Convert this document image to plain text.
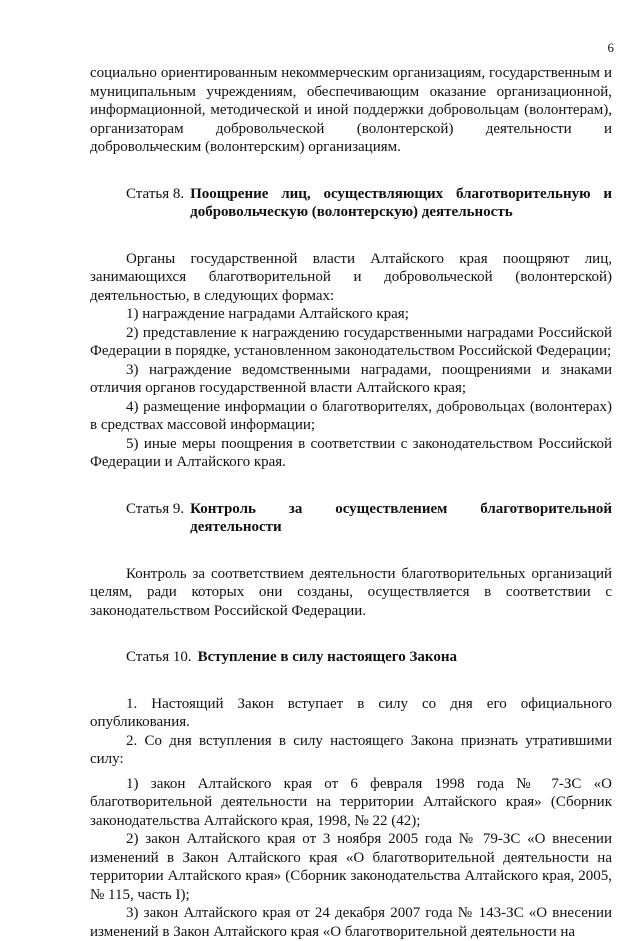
6

социально ориентированным некоммерческим организациям, государственным и муниципальным учреждениям, обеспечивающим оказание организационной, информационной, методической и иной поддержки добровольцам (волонтерам), организаторам добровольческой (волонтерской) деятельности и добровольческим (волонтерским) организациям.

Статья 8. Поощрение лиц, осуществляющих благотворительную и добровольческую (волонтерскую) деятельность

Органы государственной власти Алтайского края поощряют лиц, занимающихся благотворительной и добровольческой (волонтерской) деятельностью, в следующих формах:

1) награждение наградами Алтайского края;

2) представление к награждению государственными наградами Российской Федерации в порядке, установленном законодательством Российской Федерации;

3) награждение ведомственными наградами, поощрениями и знаками отличия органов государственной власти Алтайского края;

4) размещение информации о благотворителях, добровольцах (волонтерах) в средствах массовой информации;

5) иные меры поощрения в соответствии с законодательством Российской Федерации и Алтайского края.

Статья 9. Контроль за осуществлением благотворительной
деятельности

Контроль за соответствием деятельности благотворительных организаций целям, ради которых они созданы, осуществляется в соответствии с законодательством Российской Федерации.

Статья 10. Вступление в силу настоящего Закона

1. Настоящий Закон вступает в силу со дня его официального опубликования.

2. Со дня вступления в силу настоящего Закона признать утратившими силу:

1) закон Алтайского края от 6 февраля 1998 года № 7-ЗС «О благотворительной деятельности на территории Алтайского края» (Сборник законодательства Алтайского края, 1998, № 22 (42);

2) закон Алтайского края от 3 ноября 2005 года № 79-ЗС «О внесении изменений в Закон Алтайского края «О благотворительной деятельности на территории Алтайского края» (Сборник законодательства Алтайского края, 2005, № 115, часть I);

3) закон Алтайского края от 24 декабря 2007 года № 143-ЗС «О внесении изменений в Закон Алтайского края «О благотворительной деятельности на
